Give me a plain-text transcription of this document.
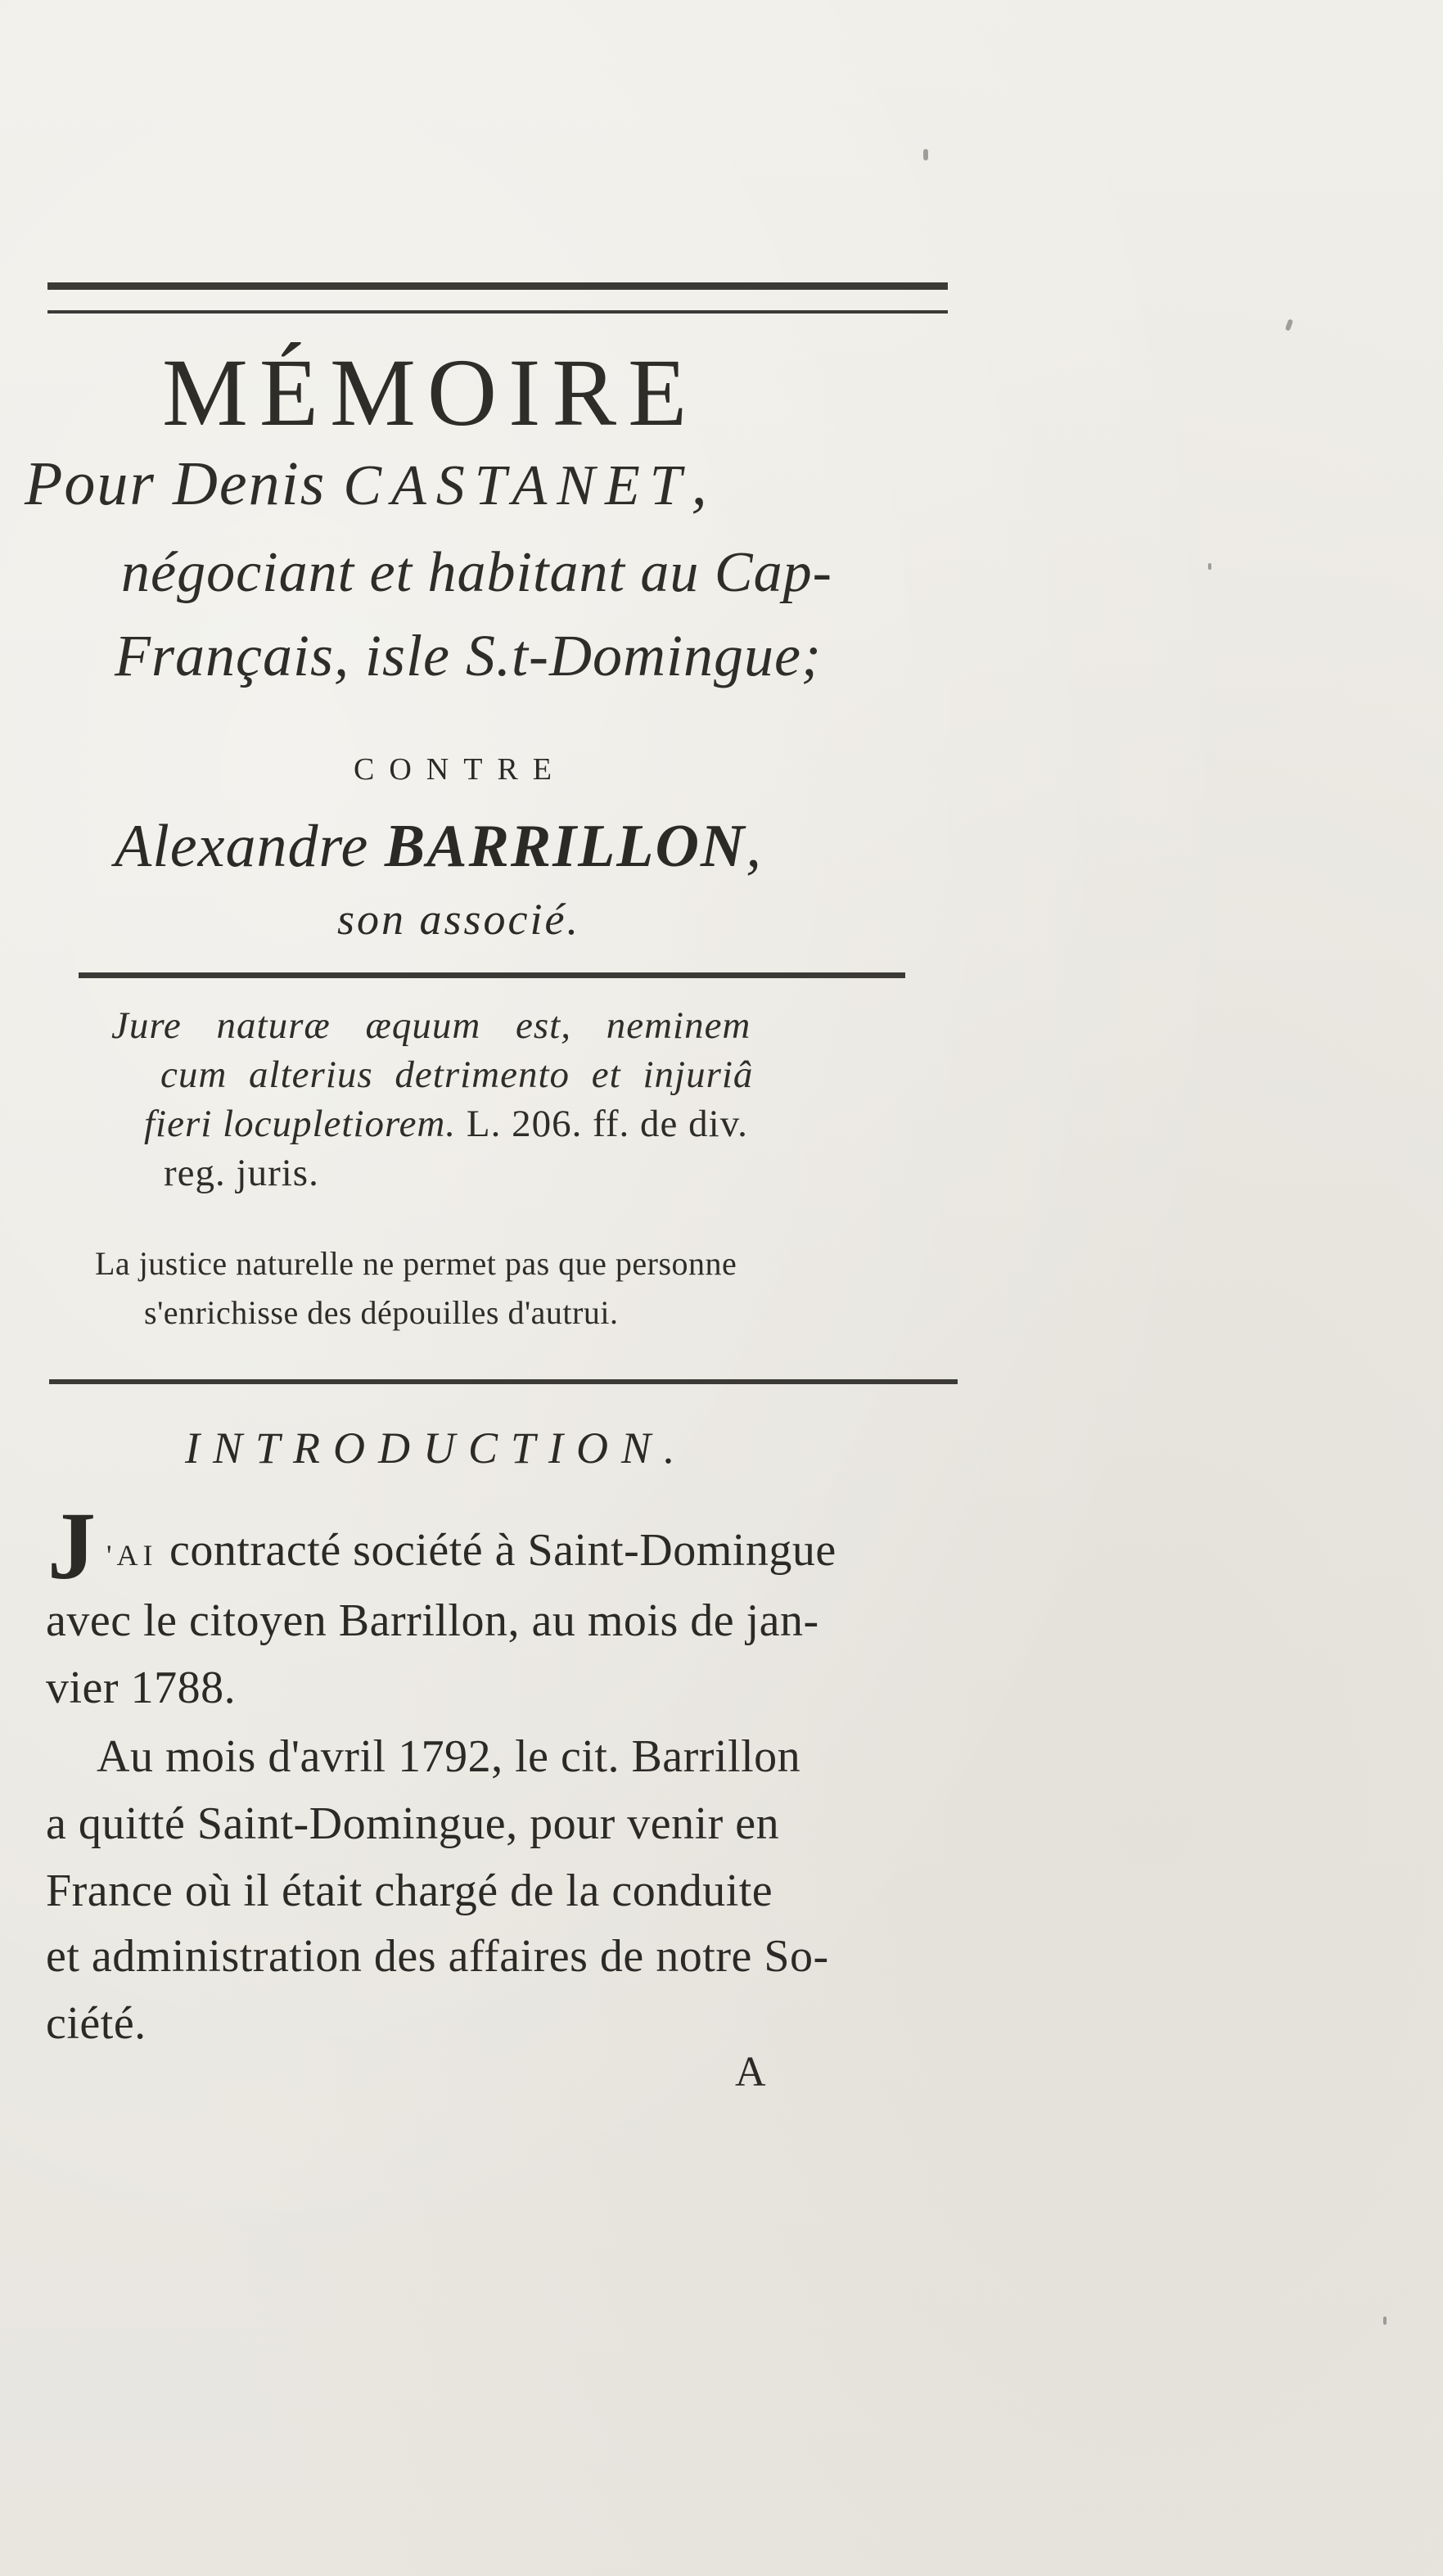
MÉMOIRE
Pour Denis CASTANET,
négociant et habitant au Cap-
Français, isle S.t-Domingue;
CONTRE
Alexandre BARRILLON,
son associé.
Jure naturæ æquum est, neminem
cum alterius detrimento et injuriâ
fieri locupletiorem. L. 206. ff. de div.
reg. juris.
La justice naturelle ne permet pas que personne
s'enrichisse des dépouilles d'autrui.
INTRODUCTION.
J 'AI contracté société à Saint-Domingue
avec le citoyen Barrillon, au mois de jan-
vier 1788.
Au mois d'avril 1792, le cit. Barrillon
a quitté Saint-Domingue, pour venir en
France où il était chargé de la conduite
et administration des affaires de notre So-
ciété.
A
